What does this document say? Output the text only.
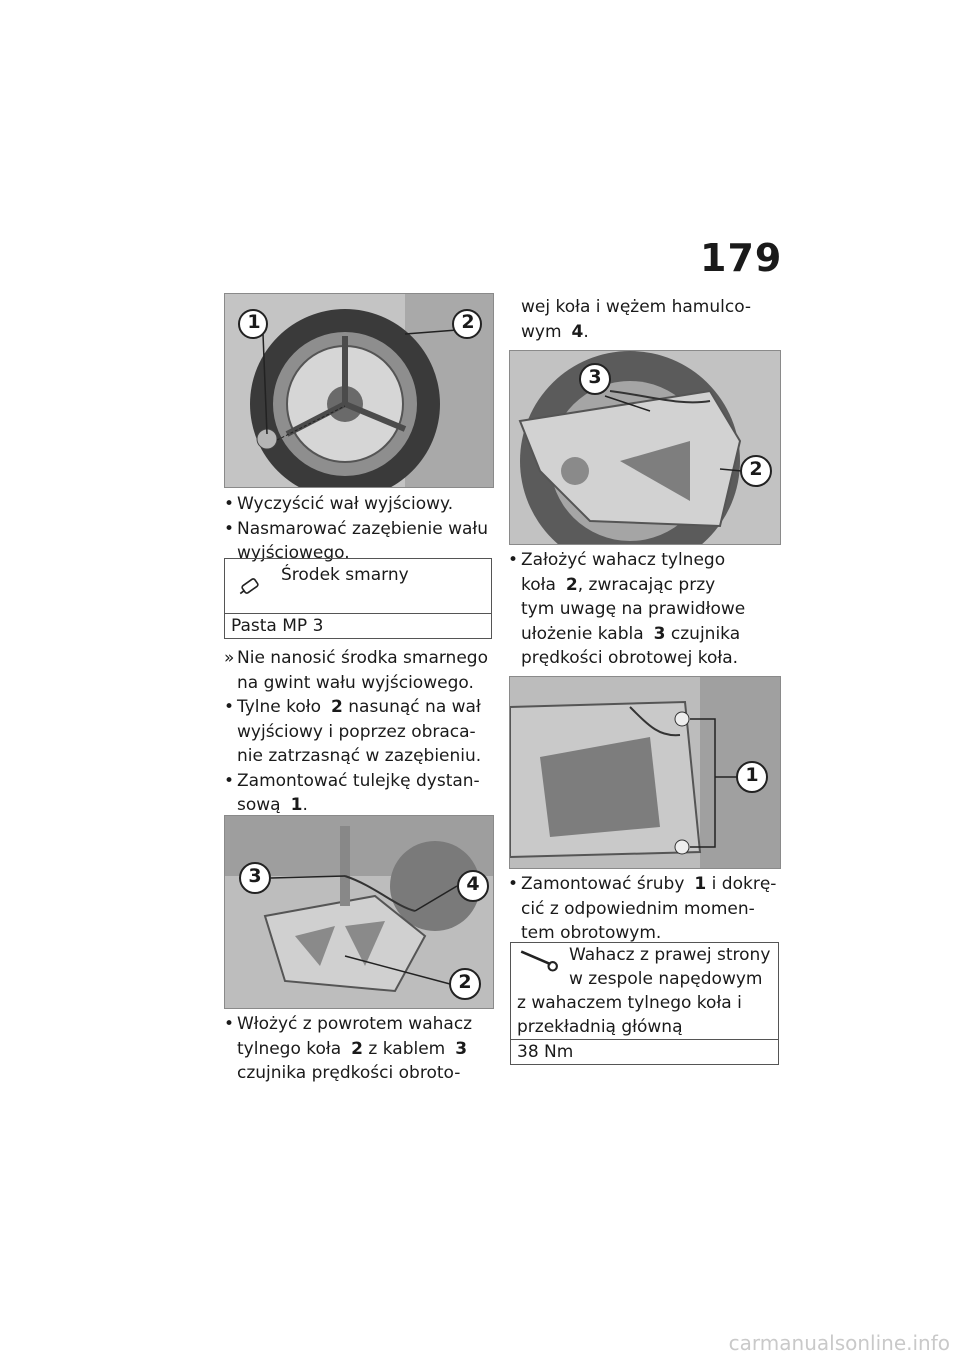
179
1	2
• Wyczyścić wał wyjściowy.
• Nasmarować zazębienie wału
wyjściowego.
Środek smarny
Pasta MP 3
» Nie nanosić środka smarnego
na gwint wału wyjściowego.
• Tylne koło 2 nasunąć na wał
wyjściowy i poprzez obraca-
nie zatrzasnąć w zazębieniu.
• Zamontować tulejkę dystan-
sową 1.
3	4
2
• Włożyć z powrotem wahacz
tylnego koła 2 z kablem 3
czujnika prędkości obroto-
wej koła i wężem hamulco-
wym 4.
3
2
• Założyć wahacz tylnego
koła 2, zwracając przy
tym uwagę na prawidłowe
ułożenie kabla 3 czujnika
prędkości obrotowej koła.
1
• Zamontować śruby 1 i dokrę-
cić z odpowiednim momen-
tem obrotowym.
Wahacz z prawej strony
w zespole napędowym
z wahaczem tylnego koła i
przekładnią główną
38 Nm
carmanualsonline.info
